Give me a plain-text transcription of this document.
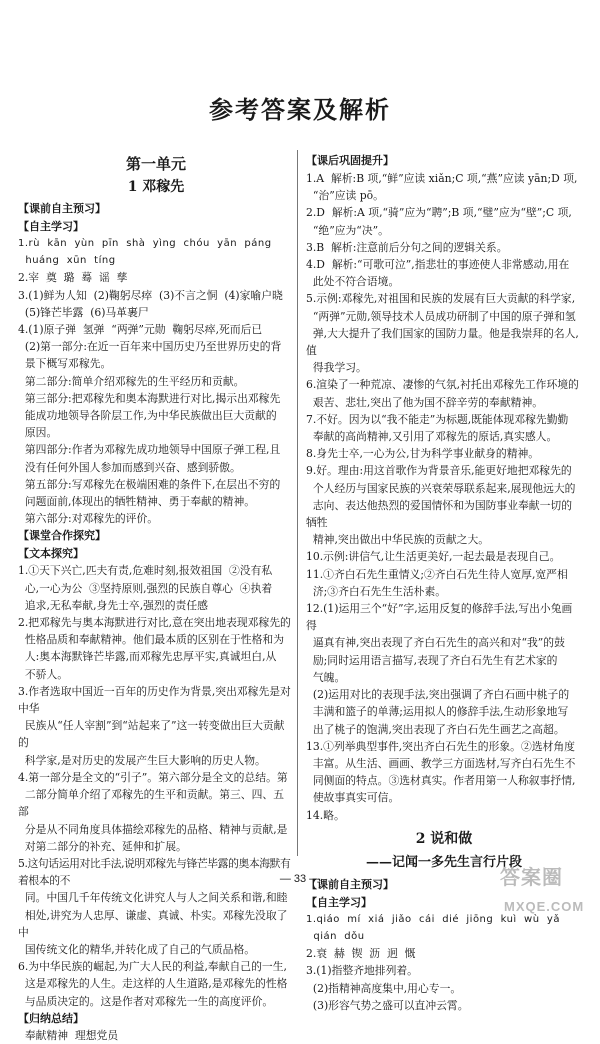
参考答案及解析
第一单元
1 邓稼先
【课前自主预习】
【自主学习】
1.rù  kān  yùn  pīn  shà  yìng  chóu  yān  páng
huáng  xūn  tíng
2.宰  奠  璐  蓦  谣  孳
3.(1)鲜为人知  (2)鞠躬尽瘁  (3)不言之恫  (4)家喻户晓
(5)锋芒毕露  (6)马革裹尸
4.(1)原子弹  氢弹  “两弹”元勋  鞠躬尽瘁,死而后已
(2)第一部分:在近一百年来中国历史乃至世界历史的背
景下概写邓稼先。
第二部分:简单介绍邓稼先的生平经历和贡献。
第三部分:把邓稼先和奥本海默进行对比,揭示出邓稼先
能成功地领导各阶层工作,为中华民族做出巨大贡献的
原因。
第四部分:作者为邓稼先成功地领导中国原子弹工程,且
没有任何外国人参加而感到兴奋、感到骄傲。
第五部分:写邓稼先在极端困难的条件下,在层出不穷的
问题面前,体现出的牺牲精神、勇于奉献的精神。
第六部分:对邓稼先的评价。
【课堂合作探究】
【文本探究】
1.①天下兴亡,匹夫有责,危难时刻,报效祖国  ②没有私
心,一心为公  ③坚持原则,强烈的民族自尊心  ④执着
追求,无私奉献,身先士卒,强烈的责任感
2.把邓稼先与奥本海默进行对比,意在突出地表现邓稼先的
性格品质和奉献精神。他们最本质的区别在于性格和为
人:奥本海默锋芒毕露,而邓稼先忠厚平实,真诚坦白,从
不骄人。
3.作者选取中国近一百年的历史作为背景,突出邓稼先是对中华
民族从“任人宰割”到“站起来了”这一转变做出巨大贡献的
科学家,是对历史的发展产生巨大影响的历史人物。
4.第一部分是全文的“引子”。第六部分是全文的总结。第
二部分简单介绍了邓稼先的生平和贡献。第三、四、五部
分是从不同角度具体描绘邓稼先的品格、精神与贡献,是
对第二部分的补充、延伸和扩展。
5.这句话运用对比手法,说明邓稼先与锋芒毕露的奥本海默有着根本的不
同。中国几千年传统文化讲究人与人之间关系和谐,和睦
相处,讲究为人忠厚、谦虚、真诚、朴实。邓稼先没取了中
国传统文化的精华,并转化成了自己的气质品格。
6.为中华民族的崛起,为广大人民的利益,奉献自己的一生,
这是邓稼先的人生。走这样的人生道路,是邓稼先的性格
与品质决定的。这是作者对邓稼先一生的高度评价。
【归纳总结】
奉献精神  理想党员
【课后巩固提升】
1.A  解析:B 项,“鲜”应读 xiǎn;C 项,“燕”应读 yān;D 项,
“治”应读 pō。
2.D  解析:A 项,“骑”应为“聘”;B 项,“璧”应为“壁”;C 项,
“绝”应为“决”。
3.B  解析:注意前后分句之间的逻辑关系。
4.D  解析:“可歌可泣”,指悲壮的事迹使人非常感动,用在
此处不符合语境。
5.示例:邓稼先,对祖国和民族的发展有巨大贡献的科学家,
“两弹”元勋,领导技术人员成功研制了中国的原子弹和氢
弹,大大提升了我们国家的国防力量。他是我崇拜的名人,值
得我学习。
6.渲染了一种荒凉、凄惨的气氛,衬托出邓稼先工作环境的
艰苦、悲壮,突出了他为国不辞辛劳的奉献精神。
7.不好。因为以“我不能走”为标题,既能体现邓稼先勤勤
奉献的高尚精神,又引用了邓稼先的原话,真实感人。
8.身先士卒,一心为公,甘为科学事业献身的精神。
9.好。理由:用这首歌作为背景音乐,能更好地把邓稼先的
个人经历与国家民族的兴衰荣辱联系起来,展现他远大的
志向、表达他热烈的爱国情怀和为国防事业奉献一切的牺牲
精神,突出做出中华民族的贡献之大。
10.示例:讲信气,让生活更美好,一起去最是表现自己。
11.①齐白石先生重情义;②齐白石先生待人宽厚,宽严相
济;③齐白石先生生活朴素。
12.(1)运用三个“好”字,运用反复的修辞手法,写出小兔画得
逼真有神,突出表现了齐白石先生的高兴和对“我”的鼓
励;同时运用语言描写,表现了齐白石先生有艺术家的
气魄。
(2)运用对比的表现手法,突出强调了齐白石画中桃子的
丰满和篮子的单薄;运用拟人的修辞手法,生动形象地写
出了桃子的饱满,突出表现了齐白石先生画艺之高超。
13.①列举典型事件,突出齐白石先生的形象。②选材角度
丰富。从生活、画画、教学三方面选材,写齐白石先生不
同侧面的特点。③选材真实。作者用第一人称叙事抒情,
使故事真实可信。
14.略。
2 说和做
——记闻一多先生言行片段
【课前自主预习】
【自主学习】
1.qiáo  mí  xiá  jiǎo  cái  dié  jiōng  kuì  wù  yǎ
qián  dǒu
2.衰  赫  锲  沥  迥  慨
3.(1)指整齐地排列着。
(2)指精神高度集中,用心专一。
(3)形容气势之盛可以直冲云霄。
— 33 —	答案圈
MXQE.COM
